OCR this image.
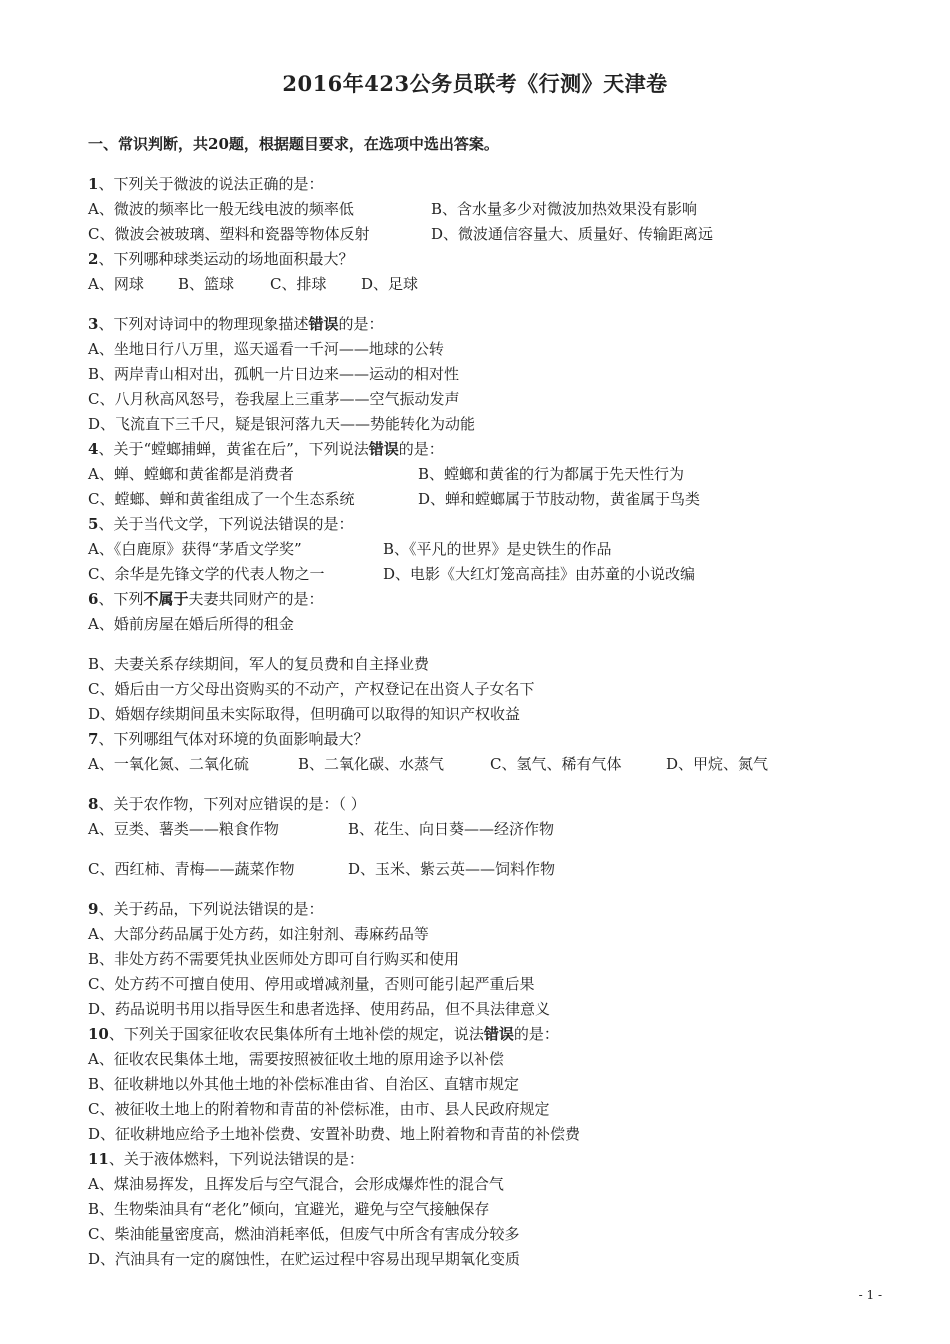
2016年423公务员联考《行测》天津卷
一、常识判断，共20题，根据题目要求，在选项中选出答案。
1、下列关于微波的说法正确的是：
A、微波的频率比一般无线电波的频率低	B、含水量多少对微波加热效果没有影响
C、微波会被玻璃、塑料和瓷器等物体反射	D、微波通信容量大、质量好、传输距离远
2、下列哪种球类运动的场地面积最大？
A、网球 B、篮球 C、排球 D、足球
3、下列对诗词中的物理现象描述错误的是：
A、坐地日行八万里，巡天遥看一千河——地球的公转
B、两岸青山相对出，孤帆一片日边来——运动的相对性
C、八月秋高风怒号，卷我屋上三重茅——空气振动发声
D、飞流直下三千尺，疑是银河落九天——势能转化为动能
4、关于“螳螂捕蝉，黄雀在后”，下列说法错误的是：
A、蝉、螳螂和黄雀都是消费者	B、螳螂和黄雀的行为都属于先天性行为
C、螳螂、蝉和黄雀组成了一个生态系统	D、蝉和螳螂属于节肢动物，黄雀属于鸟类
5、关于当代文学，下列说法错误的是：
A、《白鹿原》获得“茅盾文学奖”	B、《平凡的世界》是史铁生的作品
C、余华是先锋文学的代表人物之一	D、电影《大红灯笼高高挂》由苏童的小说改编
6、下列不属于夫妻共同财产的是：
A、婚前房屋在婚后所得的租金
B、夫妻关系存续期间，军人的复员费和自主择业费
C、婚后由一方父母出资购买的不动产，产权登记在出资人子女名下
D、婚姻存续期间虽未实际取得，但明确可以取得的知识产权收益
7、下列哪组气体对环境的负面影响最大？
A、一氧化氮、二氧化硫	B、二氧化碳、水蒸气	C、氢气、稀有气体	D、甲烷、氮气
8、关于农作物，下列对应错误的是：（ ）
A、豆类、薯类——粮食作物	B、花生、向日葵——经济作物
C、西红柿、青梅——蔬菜作物	D、玉米、紫云英——饲料作物
9、关于药品，下列说法错误的是：
A、大部分药品属于处方药，如注射剂、毒麻药品等
B、非处方药不需要凭执业医师处方即可自行购买和使用
C、处方药不可擅自使用、停用或增减剂量，否则可能引起严重后果
D、药品说明书用以指导医生和患者选择、使用药品，但不具法律意义
10、下列关于国家征收农民集体所有土地补偿的规定，说法错误的是：
A、征收农民集体土地，需要按照被征收土地的原用途予以补偿
B、征收耕地以外其他土地的补偿标准由省、自治区、直辖市规定
C、被征收土地上的附着物和青苗的补偿标准，由市、县人民政府规定
D、征收耕地应给予土地补偿费、安置补助费、地上附着物和青苗的补偿费
11、关于液体燃料，下列说法错误的是：
A、煤油易挥发，且挥发后与空气混合，会形成爆炸性的混合气
B、生物柴油具有“老化”倾向，宜避光，避免与空气接触保存
C、柴油能量密度高，燃油消耗率低，但废气中所含有害成分较多
D、汽油具有一定的腐蚀性，在贮运过程中容易出现早期氧化变质
- 1 -
